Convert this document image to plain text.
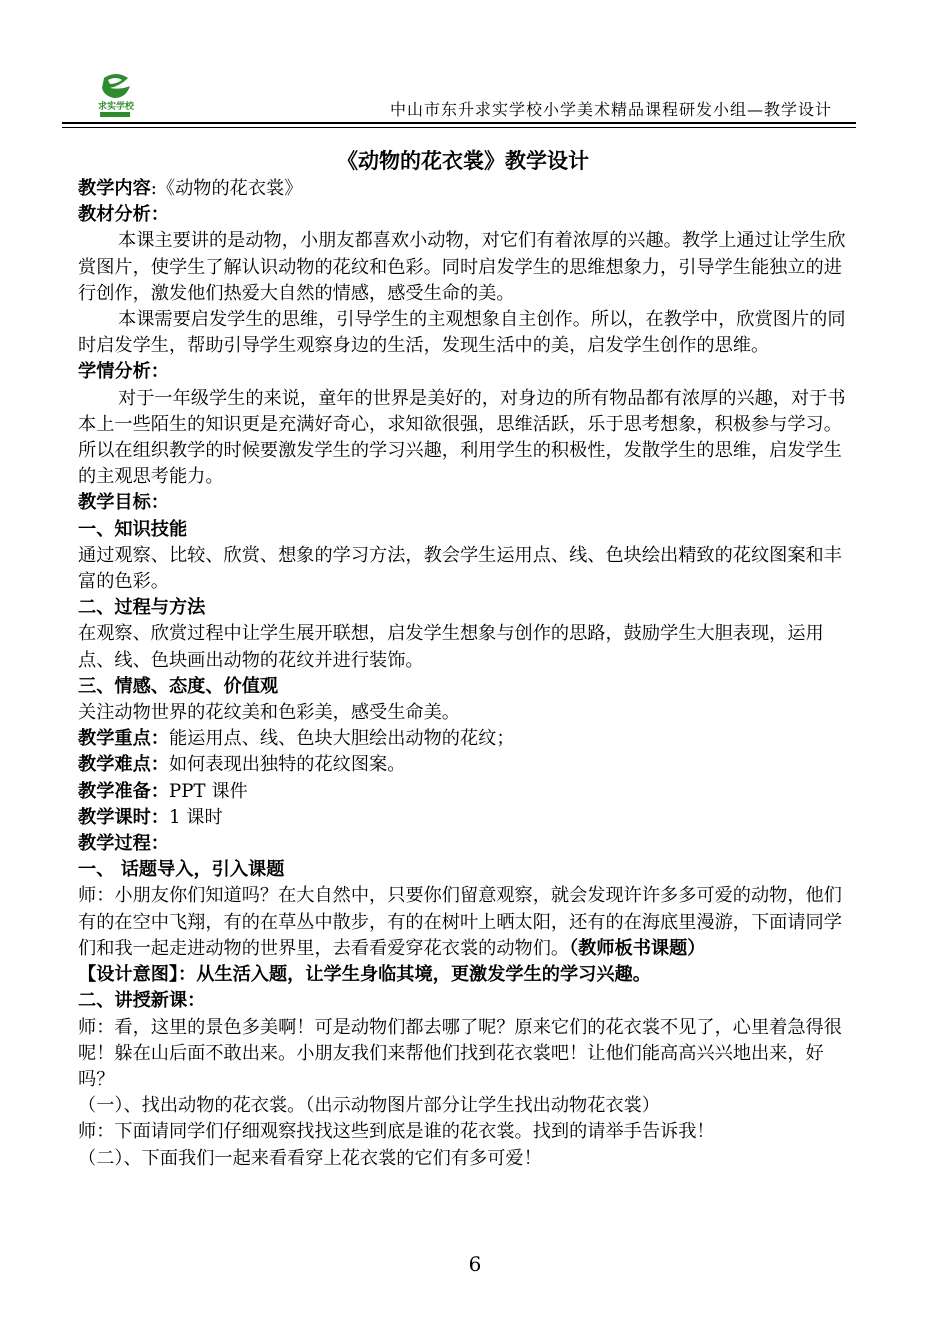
求实学校	中山市东升求实学校小学美术精品课程研发小组—教学设计

《动物的花衣裳》教学设计

教学内容:《动物的花衣裳》

教材分析：

本课主要讲的是动物，小朋友都喜欢小动物，对它们有着浓厚的兴趣。教学上通过让学生欣赏图片，使学生了解认识动物的花纹和色彩。同时启发学生的思维想象力，引导学生能独立的进行创作，激发他们热爱大自然的情感，感受生命的美。

本课需要启发学生的思维，引导学生的主观想象自主创作。所以，在教学中，欣赏图片的同时启发学生，帮助引导学生观察身边的生活，发现生活中的美，启发学生创作的思维。

学情分析：

对于一年级学生的来说，童年的世界是美好的，对身边的所有物品都有浓厚的兴趣，对于书本上一些陌生的知识更是充满好奇心，求知欲很强，思维活跃，乐于思考想象，积极参与学习。所以在组织教学的时候要激发学生的学习兴趣，利用学生的积极性，发散学生的思维，启发学生的主观思考能力。

教学目标：

一、知识技能

通过观察、比较、欣赏、想象的学习方法，教会学生运用点、线、色块绘出精致的花纹图案和丰富的色彩。

二、过程与方法

在观察、欣赏过程中让学生展开联想，启发学生想象与创作的思路，鼓励学生大胆表现，运用点、线、色块画出动物的花纹并进行装饰。

三、情感、态度、价值观

关注动物世界的花纹美和色彩美，感受生命美。

教学重点：能运用点、线、色块大胆绘出动物的花纹；

教学难点：如何表现出独特的花纹图案。

教学准备：PPT 课件

教学课时：1 课时

教学过程：

一、 话题导入，引入课题

师：小朋友你们知道吗？在大自然中，只要你们留意观察，就会发现许许多多可爱的动物，他们有的在空中飞翔，有的在草丛中散步，有的在树叶上晒太阳，还有的在海底里漫游，下面请同学们和我一起走进动物的世界里，去看看爱穿花衣裳的动物们。（教师板书课题）

【设计意图】：从生活入题，让学生身临其境，更激发学生的学习兴趣。

二、讲授新课：

师：看，这里的景色多美啊！可是动物们都去哪了呢？原来它们的花衣裳不见了，心里着急得很呢！躲在山后面不敢出来。小朋友我们来帮他们找到花衣裳吧！让他们能高高兴兴地出来，好吗？

（一）、找出动物的花衣裳。（出示动物图片部分让学生找出动物花衣裳）

师：下面请同学们仔细观察找找这些到底是谁的花衣裳。找到的请举手告诉我！

（二）、下面我们一起来看看穿上花衣裳的它们有多可爱！

6
